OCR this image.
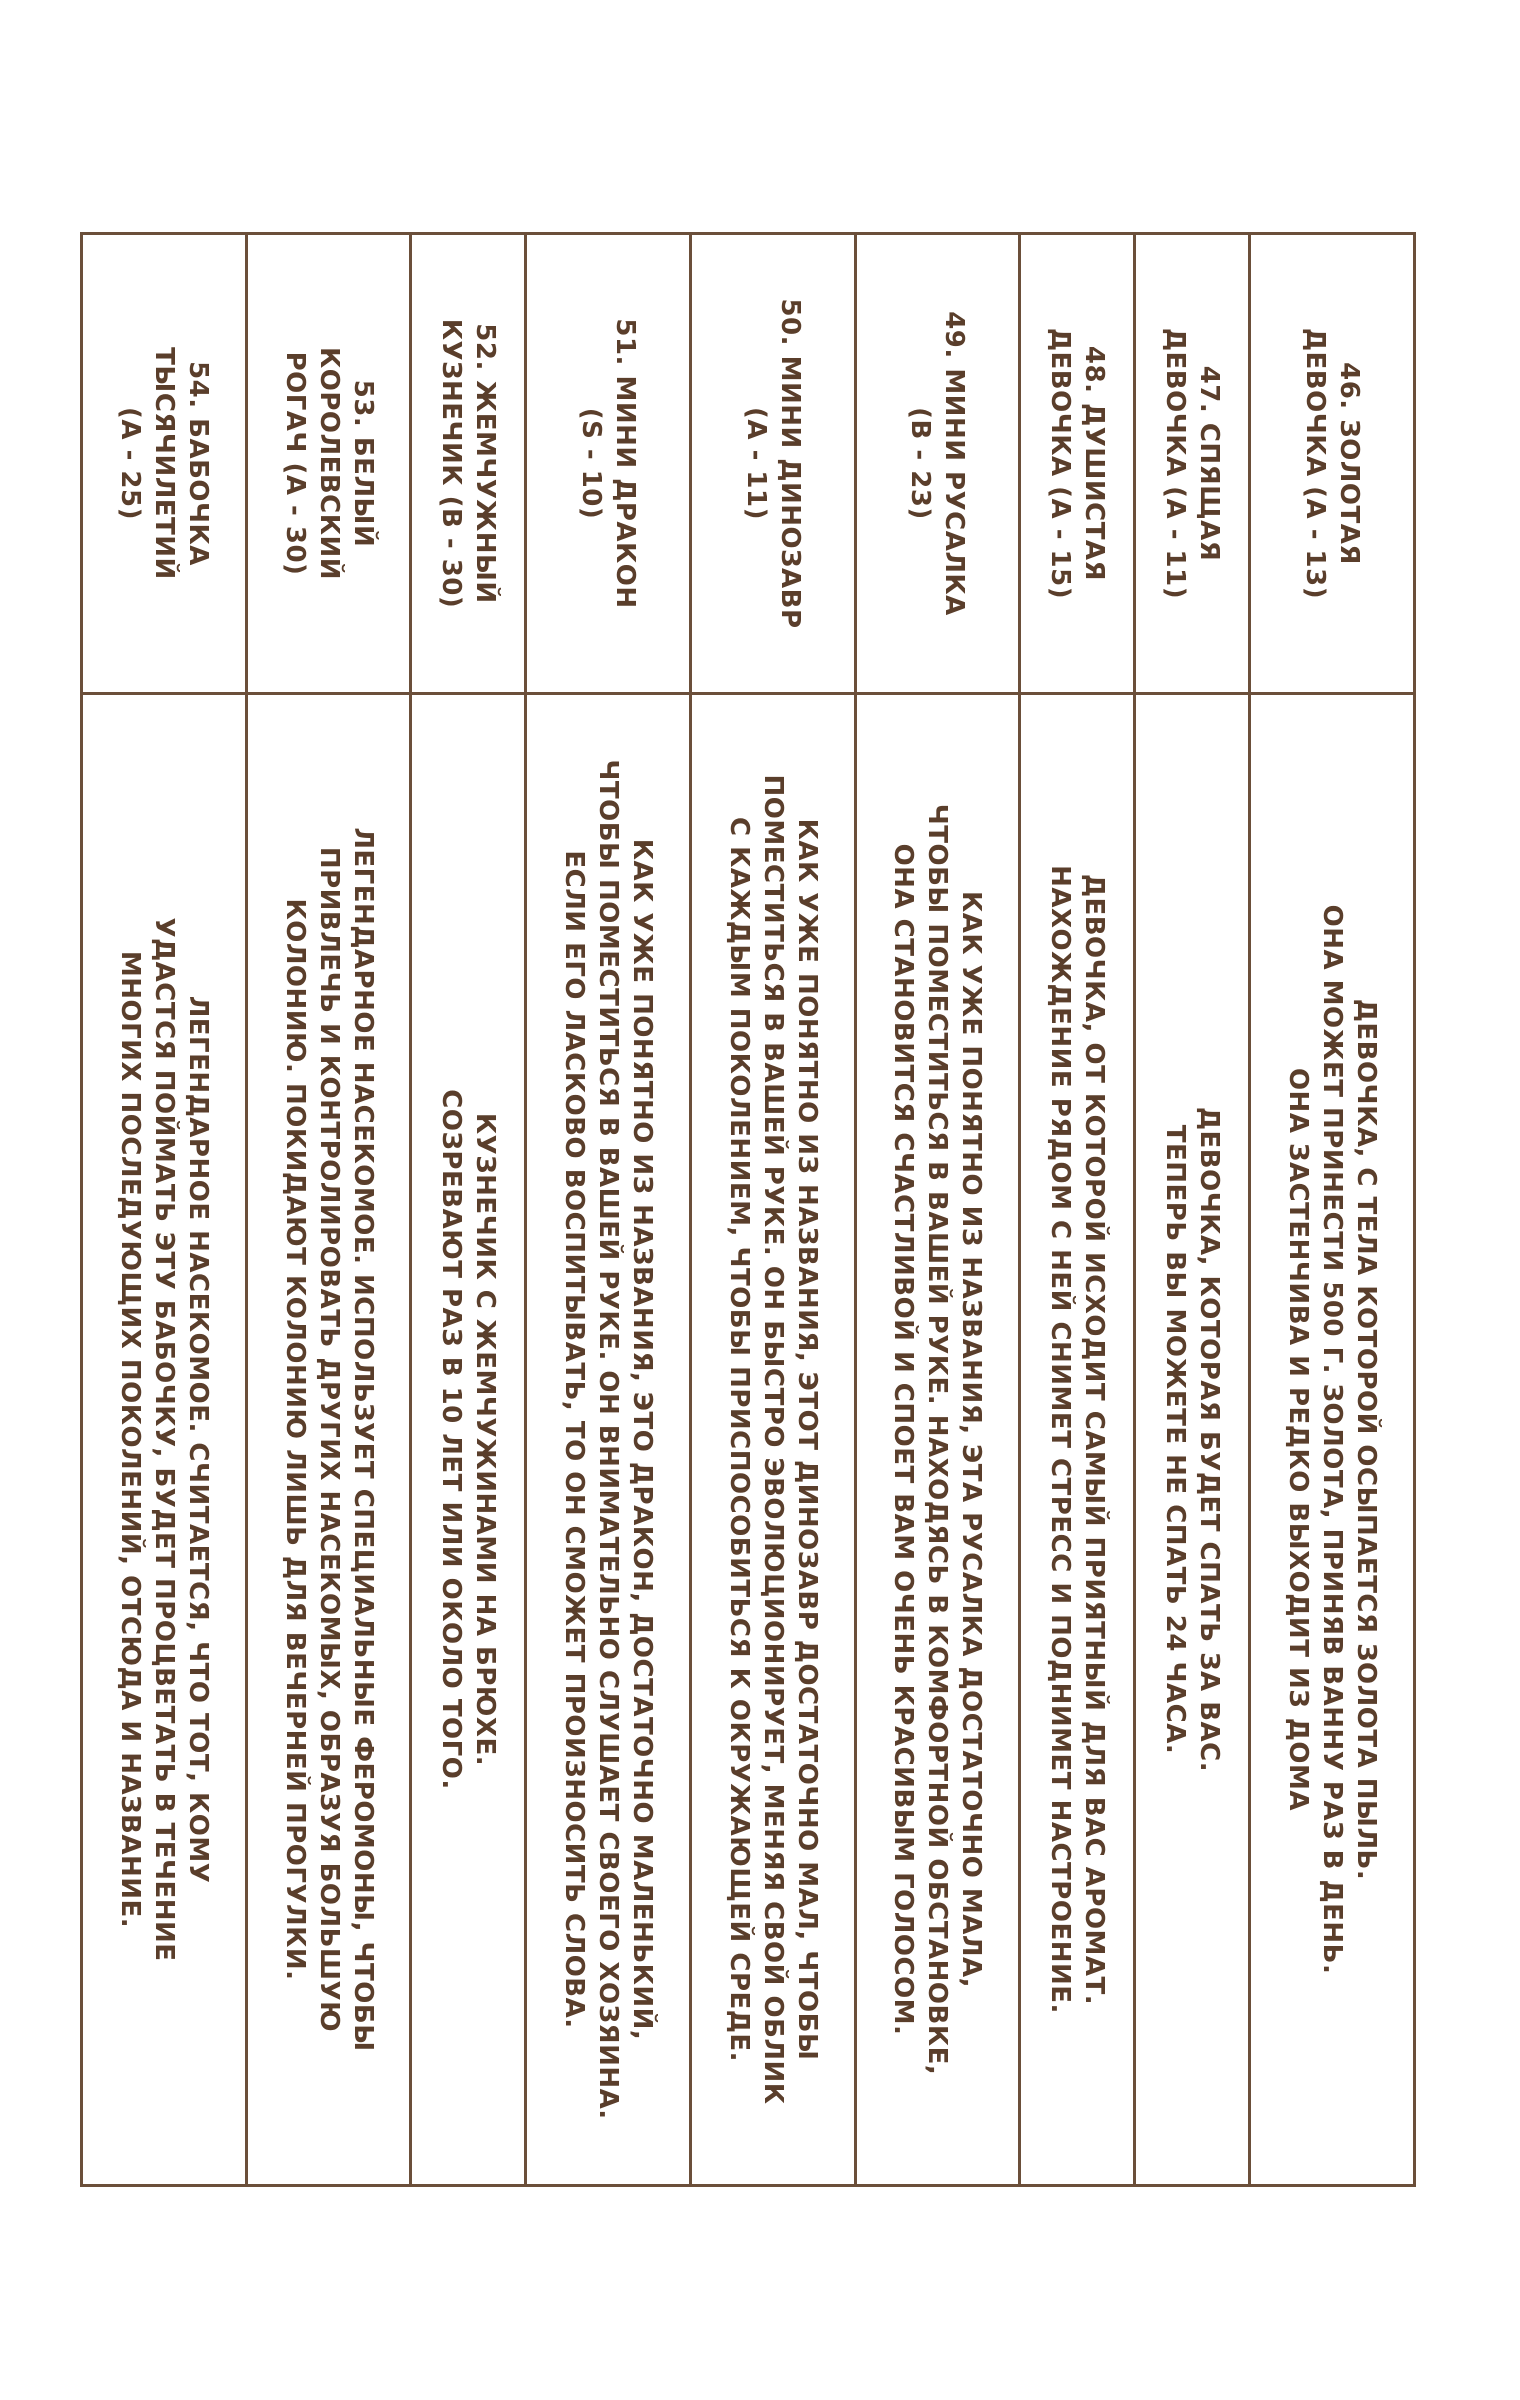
46. ЗОЛОТАЯ
ДЕВОЧКА (А - 13)	ДЕВОЧКА, С ТЕЛА КОТОРОЙ ОСЫПАЕТСЯ ЗОЛОТА ПЫЛЬ.
ОНА МОЖЕТ ПРИНЕСТИ 500 Г. ЗОЛОТА, ПРИНЯВ ВАННУ РАЗ В ДЕНЬ.
ОНА ЗАСТЕНЧИВА И РЕДКО ВЫХОДИТ ИЗ ДОМА

47. СПЯЩАЯ
ДЕВОЧКА (А - 11)	ДЕВОЧКА, КОТОРАЯ БУДЕТ СПАТЬ ЗА ВАС.
ТЕПЕРЬ ВЫ МОЖЕТЕ НЕ СПАТЬ 24 ЧАСА.

48. ДУШИСТАЯ
ДЕВОЧКА (А - 15)	ДЕВОЧКА, ОТ КОТОРОЙ ИСХОДИТ САМЫЙ ПРИЯТНЫЙ ДЛЯ ВАС АРОМАТ.
НАХОЖДЕНИЕ РЯДОМ С НЕЙ СНИМЕТ СТРЕСС И ПОДНИМЕТ НАСТРОЕНИЕ.

49. МИНИ РУСАЛКА
(B - 23)	КАК УЖЕ ПОНЯТНО ИЗ НАЗВАНИЯ, ЭТА РУСАЛКА ДОСТАТОЧНО МАЛА,
ЧТОБЫ ПОМЕСТИТЬСЯ В ВАШЕЙ РУКЕ. НАХОДЯСЬ В КОМФОРТНОЙ ОБСТАНОВКЕ,
ОНА СТАНОВИТСЯ СЧАСТЛИВОЙ И СПОЕТ ВАМ ОЧЕНЬ КРАСИВЫМ ГОЛОСОМ.

50. МИНИ ДИНОЗАВР
(А - 11)	КАК УЖЕ ПОНЯТНО ИЗ НАЗВАНИЯ, ЭТОТ ДИНОЗАВР ДОСТАТОЧНО МАЛ, ЧТОБЫ
ПОМЕСТИТЬСЯ В ВАШЕЙ РУКЕ. ОН БЫСТРО ЭВОЛЮЦИОНИРУЕТ, МЕНЯЯ СВОЙ ОБЛИК
С КАЖДЫМ ПОКОЛЕНИЕМ, ЧТОБЫ ПРИСПОСОБИТЬСЯ К ОКРУЖАЮЩЕЙ СРЕДЕ.

51. МИНИ ДРАКОН
(S - 10)	КАК УЖЕ ПОНЯТНО ИЗ НАЗВАНИЯ, ЭТО ДРАКОН, ДОСТАТОЧНО МАЛЕНЬКИЙ,
ЧТОБЫ ПОМЕСТИТЬСЯ В ВАШЕЙ РУКЕ. ОН ВНИМАТЕЛЬНО СЛУШАЕТ СВОЕГО ХОЗЯИНА.
ЕСЛИ ЕГО ЛАСКОВО ВОСПИТЫВАТЬ, ТО ОН СМОЖЕТ ПРОИЗНОСИТЬ СЛОВА.

52. ЖЕМЧУЖНЫЙ
КУЗНЕЧИК (B - 30)	КУЗНЕЧИК С ЖЕМЧУЖИНАМИ НА БРЮХЕ.
СОЗРЕВАЮТ РАЗ В 10 ЛЕТ ИЛИ ОКОЛО ТОГО.

53. БЕЛЫЙ
КОРОЛЕВСКИЙ
РОГАЧ (А - 30)	ЛЕГЕНДАРНОЕ НАСЕКОМОЕ. ИСПОЛЬЗУЕТ СПЕЦИАЛЬНЫЕ ФЕРОМОНЫ, ЧТОБЫ
ПРИВЛЕЧЬ И КОНТРОЛИРОВАТЬ ДРУГИХ НАСЕКОМЫХ, ОБРАЗУЯ БОЛЬШУЮ
КОЛОНИЮ. ПОКИДАЮТ КОЛОНИЮ ЛИШЬ ДЛЯ ВЕЧЕРНЕЙ ПРОГУЛКИ.

54. БАБОЧКА
ТЫСЯЧИЛЕТИЙ
(А - 25)	ЛЕГЕНДАРНОЕ НАСЕКОМОЕ. СЧИТАЕТСЯ, ЧТО ТОТ, КОМУ
УДАСТСЯ ПОЙМАТЬ ЭТУ БАБОЧКУ, БУДЕТ ПРОЦВЕТАТЬ В ТЕЧЕНИЕ
МНОГИХ ПОСЛЕДУЮЩИХ ПОКОЛЕНИЙ, ОТСЮДА И НАЗВАНИЕ.
